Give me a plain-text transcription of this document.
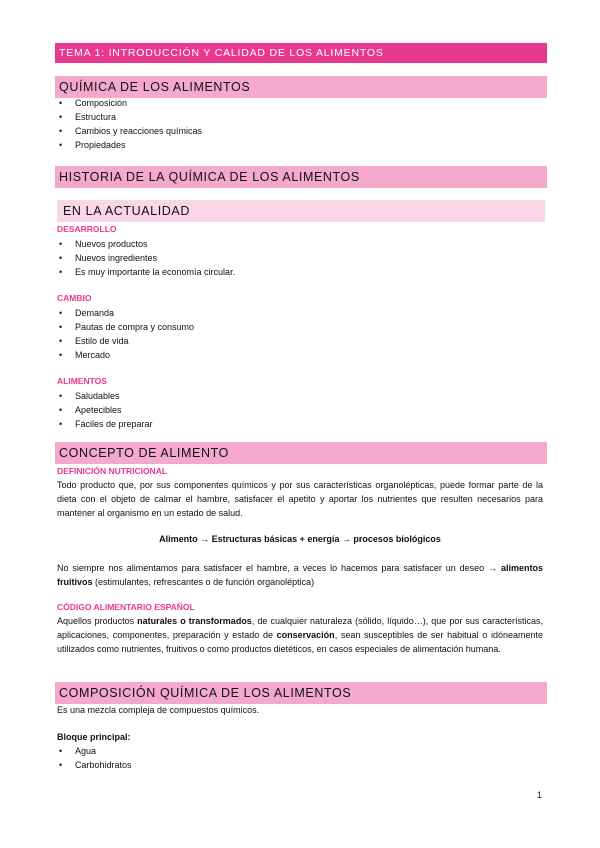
TEMA 1: INTRODUCCIÓN Y CALIDAD DE LOS ALIMENTOS
QUÍMICA DE LOS ALIMENTOS
• Composición
• Estructura
• Cambios y reacciones químicas
• Propiedades
HISTORIA DE LA QUÍMICA DE LOS ALIMENTOS
EN LA ACTUALIDAD
DESARROLLO
• Nuevos productos
• Nuevos ingredientes
• Es muy importante la economía circular.
CAMBIO
• Demanda
• Pautas de compra y consumo
• Estilo de vida
• Mercado
ALIMENTOS
• Saludables
• Apetecibles
• Fáciles de preparar
CONCEPTO DE ALIMENTO
DEFINICIÓN NUTRICIONAL

Todo producto que, por sus componentes químicos y por sus características organolépticas, puede formar parte de la dieta con el objeto de calmar el hambre, satisfacer el apetito y aportar los nutrientes que resulten necesarios para mantener al organismo en un estado de salud.

Alimento → Estructuras básicas + energía → procesos biológicos

No siempre nos alimentamos para satisfacer el hambre, a veces lo hacemos para satisfacer un deseo → alimentos fruitivos (estimulantes, refrescantes o de función organoléptica)

CÓDIGO ALIMENTARIO ESPAÑOL

Aquellos productos naturales o transformados, de cualquier naturaleza (sólido, líquido…), que por sus características, aplicaciones, componentes, preparación y estado de conservación, sean susceptibles de ser habitual o idóneamente utilizados como nutrientes, fruitivos o como productos dietéticos, en casos especiales de alimentación humana.

COMPOSICIÓN QUÍMICA DE LOS ALIMENTOS
Es una mezcla compleja de compuestos químicos.
Bloque principal:
• Agua
• Carbohidratos
1
